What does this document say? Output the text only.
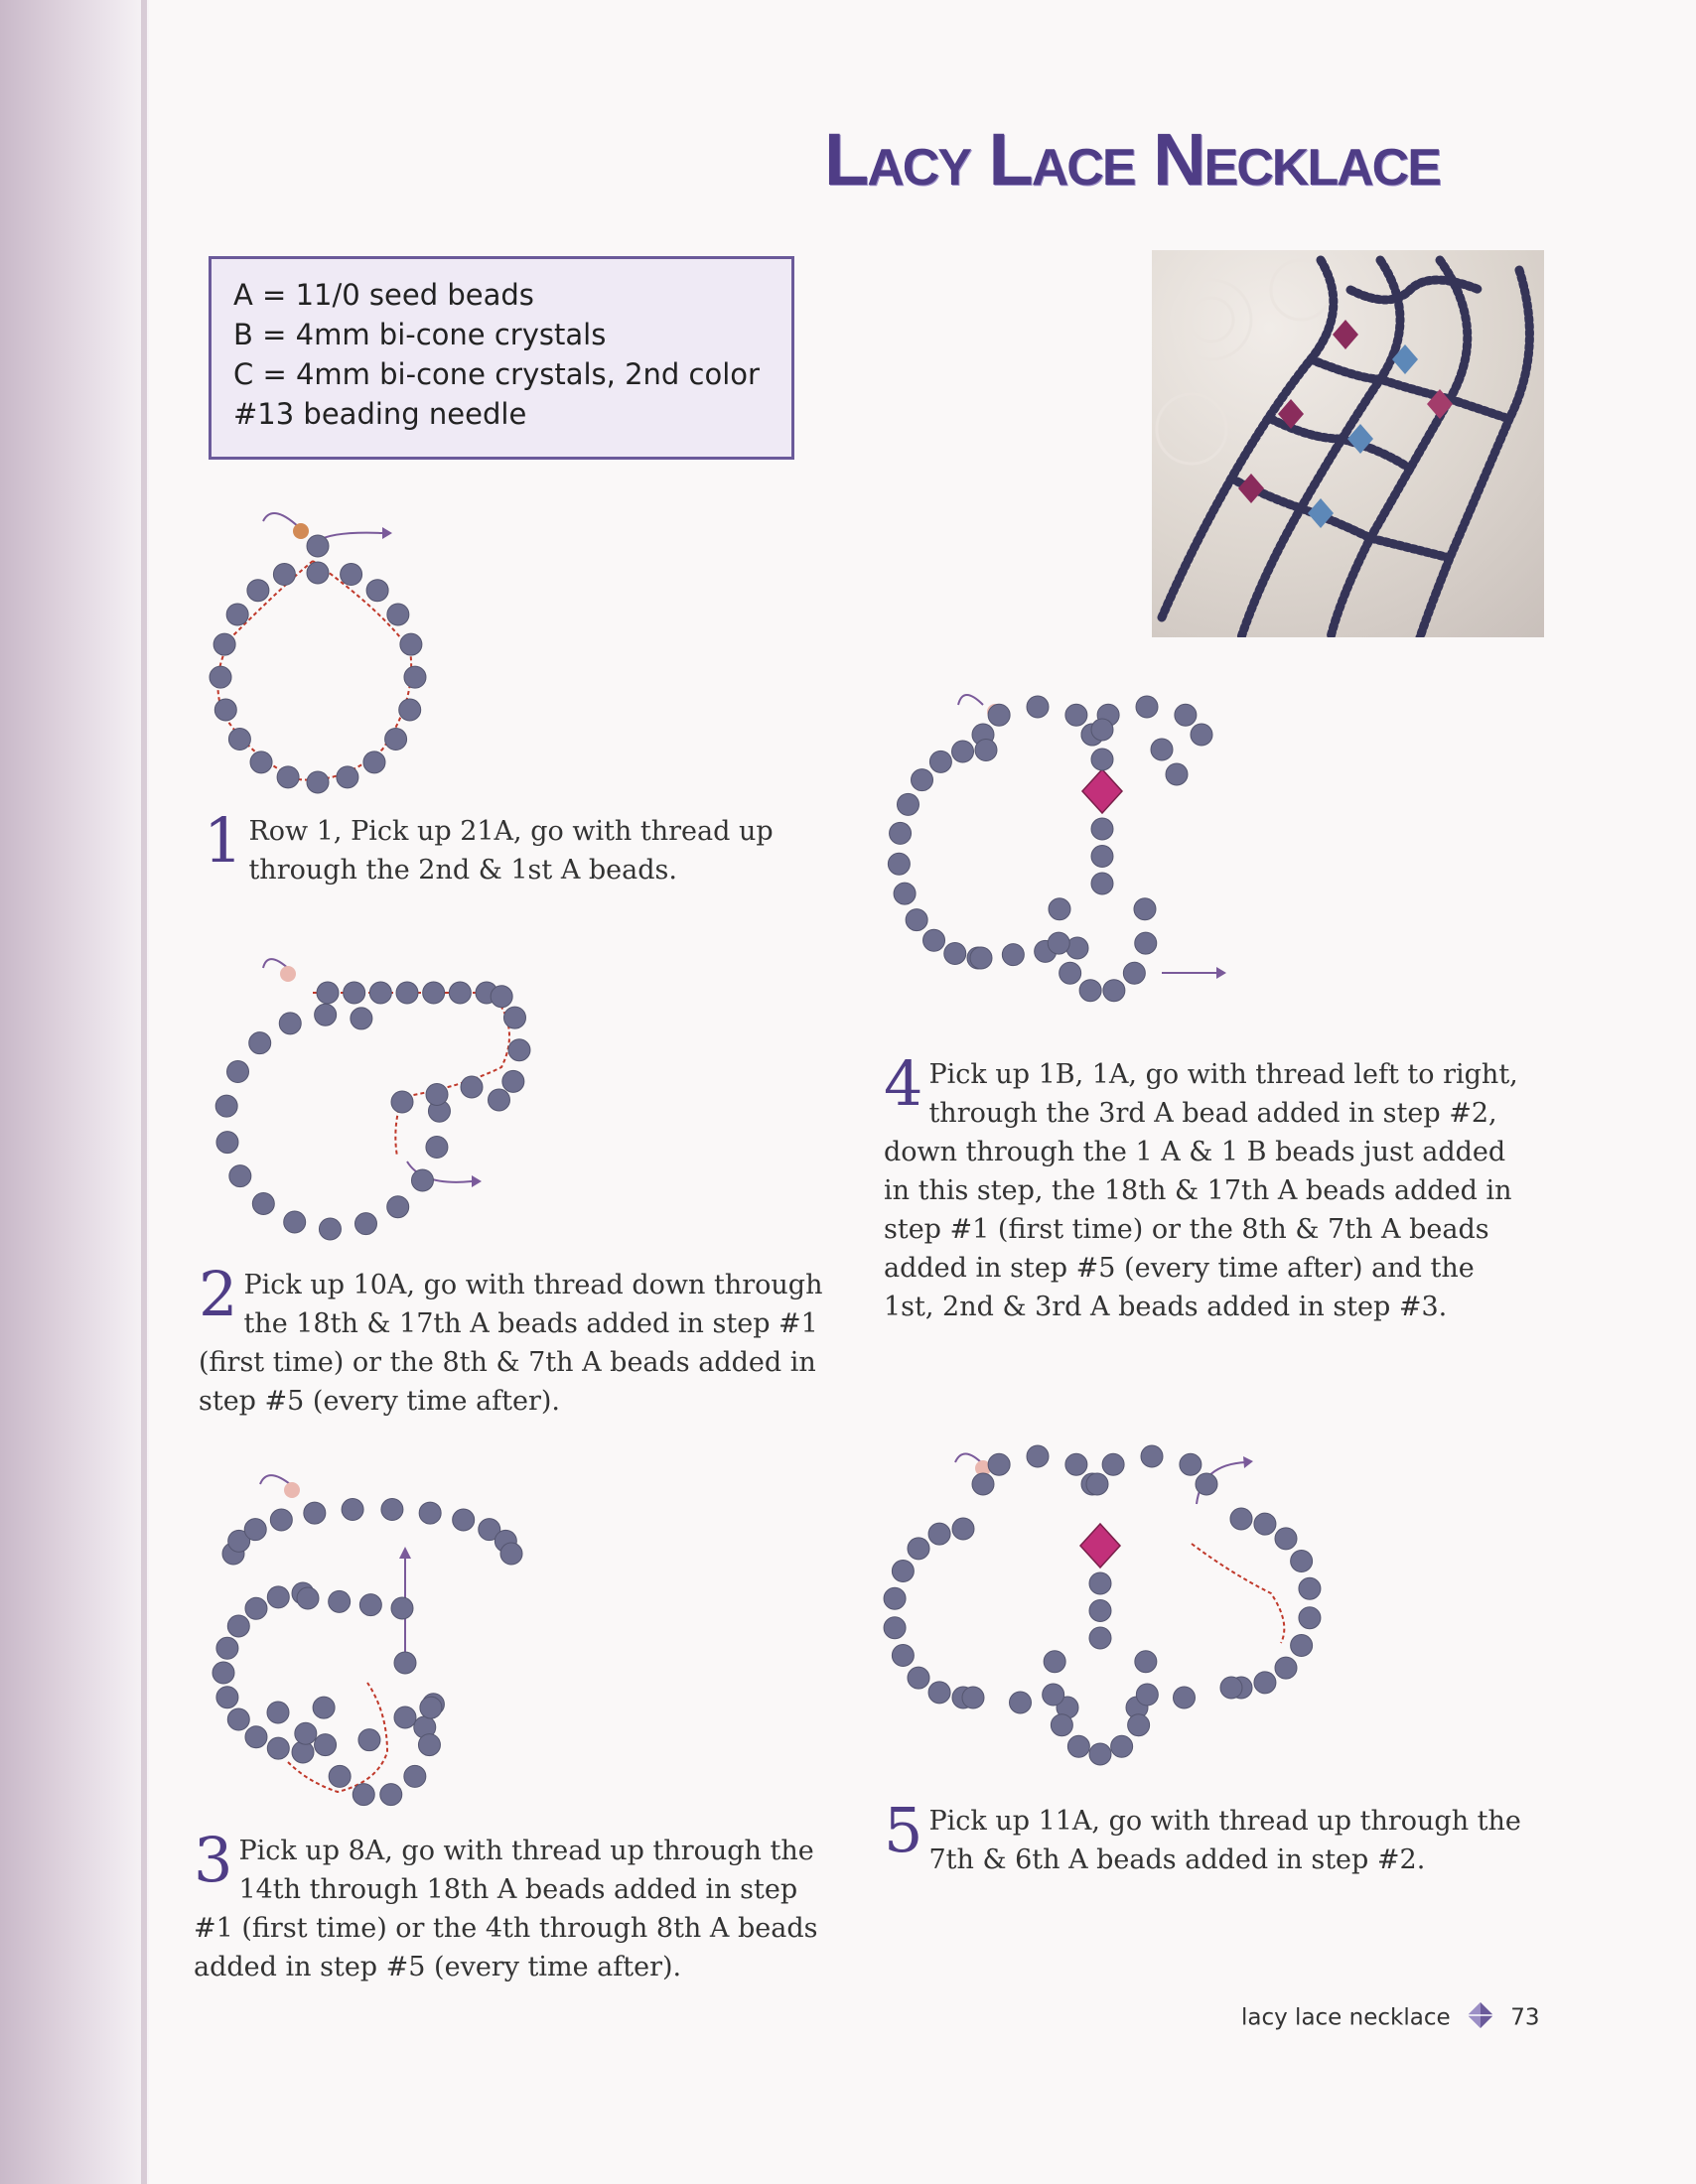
Lacy Lace Necklace
A = 11/0 seed beads
B = 4mm bi-cone crystals
C = 4mm bi-cone crystals, 2nd color
#13 beading needle
1 Row 1, Pick up 21A, go with thread up through the 2nd & 1st A beads.
2 Pick up 10A, go with thread down through the 18th & 17th A beads added in step #1 (first time) or the 8th & 7th A beads added in step #5 (every time after).
3 Pick up 8A, go with thread up through the 14th through 18th A beads added in step #1 (first time) or the 4th through 8th A beads added in step #5 (every time after).
4 Pick up 1B, 1A, go with thread left to right, through the 3rd A bead added in step #2, down through the 1 A & 1 B beads just added in this step, the 18th & 17th A beads added in step #1 (first time) or the 8th & 7th A beads added in step #5 (every time after) and the 1st, 2nd & 3rd A beads added in step #3.
5 Pick up 11A, go with thread up through the 7th & 6th A beads added in step #2.
lacy lace necklace	73
